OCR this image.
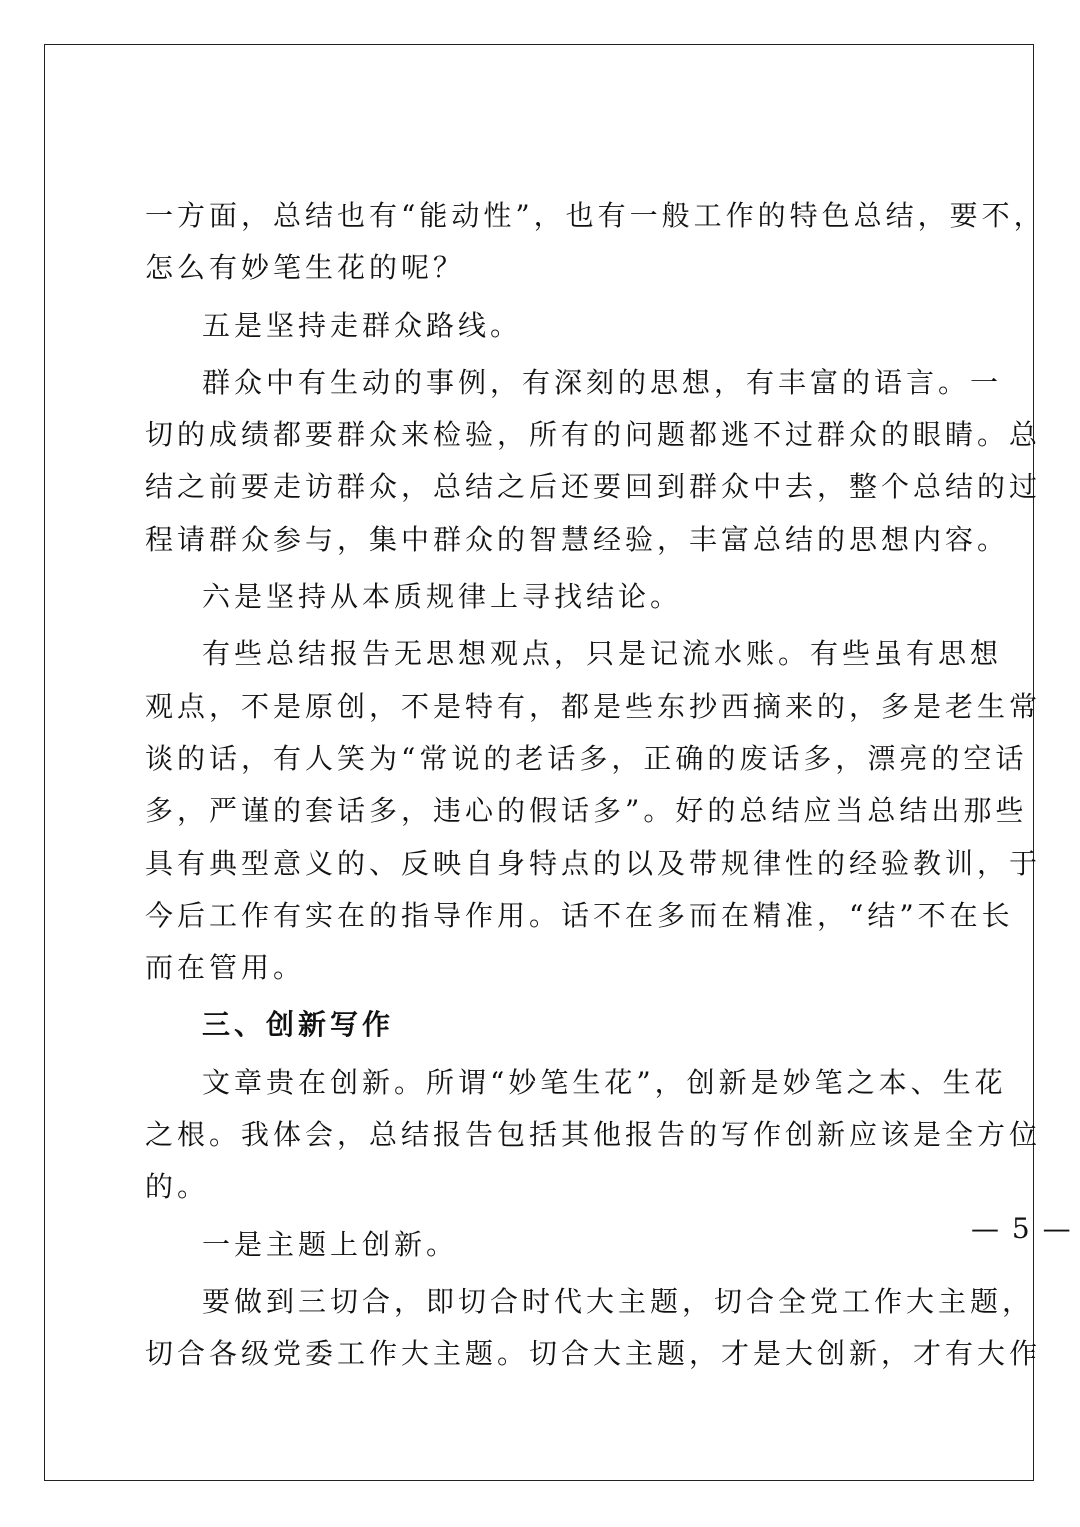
一方面，总结也有“能动性”，也有一般工作的特色总结，要不，
怎么有妙笔生花的呢？
五是坚持走群众路线。
群众中有生动的事例，有深刻的思想，有丰富的语言。一
切的成绩都要群众来检验，所有的问题都逃不过群众的眼睛。总
结之前要走访群众，总结之后还要回到群众中去，整个总结的过
程请群众参与，集中群众的智慧经验，丰富总结的思想内容。
六是坚持从本质规律上寻找结论。
有些总结报告无思想观点，只是记流水账。有些虽有思想
观点，不是原创，不是特有，都是些东抄西摘来的，多是老生常
谈的话，有人笑为“常说的老话多，正确的废话多，漂亮的空话
多，严谨的套话多，违心的假话多”。好的总结应当总结出那些
具有典型意义的、反映自身特点的以及带规律性的经验教训，于
今后工作有实在的指导作用。话不在多而在精准，“结”不在长
而在管用。
三、创新写作
文章贵在创新。所谓“妙笔生花”，创新是妙笔之本、生花
之根。我体会，总结报告包括其他报告的写作创新应该是全方位
的。
一是主题上创新。
要做到三切合，即切合时代大主题，切合全党工作大主题，
切合各级党委工作大主题。切合大主题，才是大创新，才有大作
— 5 —
